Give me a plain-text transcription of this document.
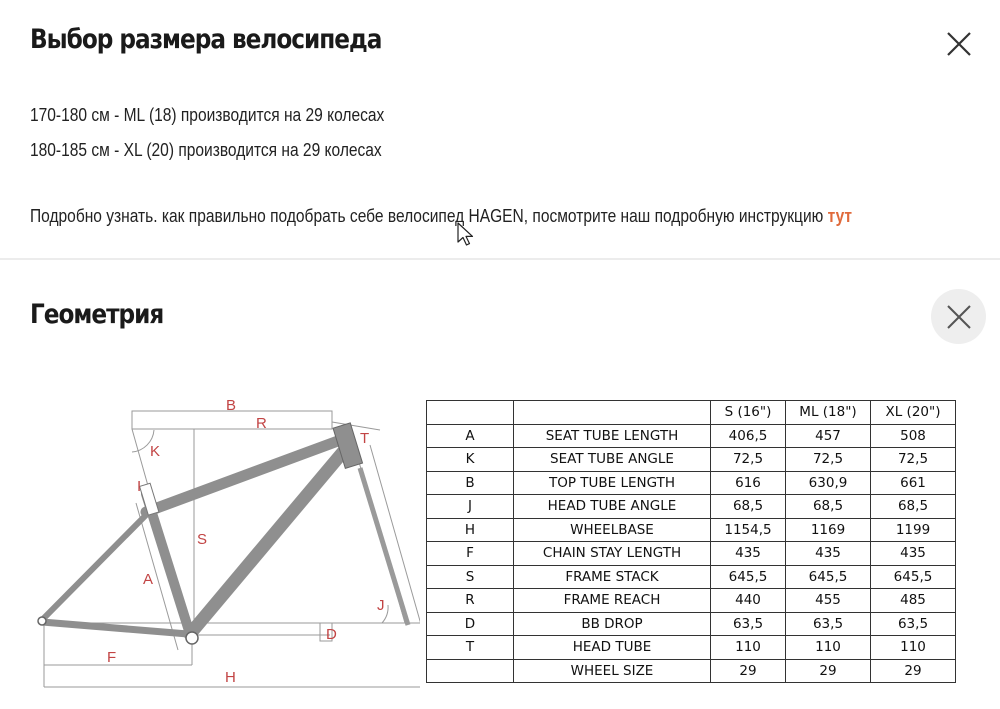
Выбор размера велосипеда
170-180 см - ML (18) производится на 29 колесах
180-185 см - XL (20) производится на 29 колесах
Подробно узнать. как правильно подобрать себе велосипед HAGEN, посмотрите наш подробную инструкцию тут
Геометрия
B
R
T
K
I
S
A
J
D
F
H
		S (16")	ML (18")	XL (20")
A	SEAT TUBE LENGTH	406,5	457	508
K	SEAT TUBE ANGLE	72,5	72,5	72,5
B	TOP TUBE LENGTH	616	630,9	661
J	HEAD TUBE ANGLE	68,5	68,5	68,5
H	WHEELBASE	1154,5	1169	1199
F	CHAIN STAY LENGTH	435	435	435
S	FRAME STACK	645,5	645,5	645,5
R	FRAME REACH	440	455	485
D	BB DROP	63,5	63,5	63,5
T	HEAD TUBE	110	110	110
	WHEEL SIZE	29	29	29
